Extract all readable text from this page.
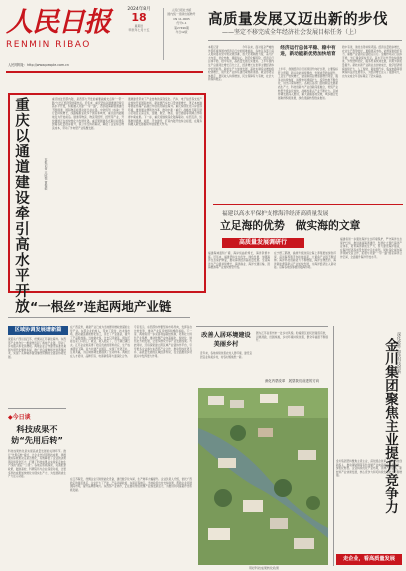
人民日报
RENMIN RIBAO
人民网网址：http://www.people.com.cn
2024年8月
18
星期日
甲辰年七月十五
人民日报社出版
国内统一连续出版物号
CN 11-0065
代号1-1
第27496期
今日12版
高质量发展又迈出新的步伐
——坚定不移完成全年经济社会发展目标任务（上）
本报记者　　　　　　　　　今年以来，面对复杂严峻的外部环境和国内经济运行中的困难挑战，各地区各部门深入贯彻落实党中央决策部署，加大宏观调控力度，着力扩大内需、优化结构、提振信心、防范化解风险，经济运行总体平稳、稳中有进，高质量发展扎实推进。上半年国内生产总值同比增长百分之五，经济增长在世界主要经济体中位居前列。新质生产力加快发展，高技术制造业增加值较快增长，现代化产业体系建设取得新进展。就业形势总体稳定，居民收入持续增加，民生保障有力有效，社会大局保持稳定。
经济运行总体平稳、稳中有进，新动能新优势加快培育
上半年，我国经济运行延续回升向好态势，主要指标符合预期，新兴动能持续释放，发展质量稳步提升。工业生产较快增长，装备制造业增加值增长明显，服务业持续恢复，消费市场规模扩大，投资结构不断优化，进出口保持增长。各地区各部门因地制宜发展新质生产力，科技创新与产业创新深度融合，传统产业转型升级步伐加快，战略性新兴产业不断壮大。区域协调发展深入推进，重大战略落地见效，城乡融合发展取得积极进展，绿色低碳转型稳步推进。
稳中有进，进的态势持续巩固。经济总量稳步增长，农业生产形势较好，夏粮再获丰收。能源保供稳价有力，重要产业链供应链稳定运行。金融市场运行总体平稳，外汇储备保持充足。高水平对外开放持续推进，外贸结构优化，服务贸易快速发展，利用外资质量提升。新技术新产业新业态加快成长，数字经济规模持续扩大，人工智能、新能源汽车、集成电路等领域保持良好发展势头，为经济增长注入了强劲动力，也为完成全年目标奠定了坚实基础。
重庆以通道建设牵引高水平开放	本报记者 王欣悦 黄俊毅
重庆地处西部内陆，是西部大开发的重要战略支点和“一带一路”与长江经济带的联结点。近年来，重庆坚持以通道建设牵引高水平开放，积极融入共建“一带一路”，西部陆海新通道建设不断提速，国际物流枢纽功能日益完善。中欧班列（成渝）开行量持续增长，线路辐射亚欧多个国家和城市，重庆由内陆腹地变为开放前沿。通道带物流、物流带经贸、经贸带产业，开放通道正在加快转化为发展优势。重庆果园港多式联运枢纽集装箱吞吐量稳步提升，铁公水空协同联动，降低了企业综合物流成本，带动了外向型产业集聚发展。
通道建设带来了产业结构的深刻变化。汽车、电子信息等支柱产业加快开拓国际市场，新能源汽车出口量快速增长，笔记本电脑等智能终端产品通过中欧班列销往海外。重庆持续优化口岸营商环境，推进通关便利化改革，推动中新（重庆）战略性互联互通示范项目走深走实，金融、航空、物流、信息通信等领域合作取得丰硕成果。下一步，重庆将继续深化陆海联动、东西互济，统筹推进通道、枢纽、平台建设，打造内陆开放综合枢纽，在服务和融入新发展格局中展现更大作为。
“一根丝”连起两地产业链
区域协调发展谱新篇
蚕茧从广西运到江苏，丝绸从江苏销往海外。东西部产业协作让一根蚕丝连起了两地产业链，带动了乡村振兴和农民增收。两地企业合作建设标准化桑园与现代化缫丝车间，推广优良蚕种和先进养殖技术，实现了从种桑养蚕到缫丝织绸的全链条协同发展。
在广西宜州，桑蚕产业已成为当地群众增收致富的主导产业。东部企业的加入，带来了资金、技术和市场，推动蚕茧就地转化加工，延长了产业链条，提升了产品附加值。当地蚕农说，过去只卖蚕茧，现在还能在家门口的工厂就业，收入稳定了，日子越过越红火。江苏企业则获得了稳定优质的原料供应，生产成本明显下降。双方共建产业园区，实现了优势互补、互利共赢，为区域协调发展提供了生动样本。两地还在人才培训、品牌打造、电商销售等方面深化合作。
专家表示，东西部协作要坚持市场导向，发挥各自比较优势，推动产业有序转移和梯度承接。下一步，两地将进一步完善利益联结机制，培育壮大特色产业集群，推动丝绸产业向高端化、智能化、绿色化方向发展，让更多群众分享产业发展成果。与此同时，还将探索建立跨区域产业链协作平台，引导更多企业参与东西部产业合作，推动形成优势互补、高质量发展的区域经济布局，在全面推进乡村振兴中发挥更大作用。
◆今日谈
科技成果不妨“先用后转”
科技成果转化是实现高质量发展的关键环节。推行“先用后转”模式，让企业先试用科技成果，再根据实际效果决定是否转化，有效降低了企业的决策风险和资金压力，打通了科技成果从实验室走向生产线的“最后一公里”。各地应积极探索，完善配套政策，鼓励高校、科研院所与企业深度对接，让更多科技成果加快转化为现实生产力，为发展新质生产力注入动能。
在江苏海安，丝绸企业引进智能化设备，建设数字化车间，生产效率大幅提升。企业负责人介绍，依托广西稳定的蚕茧供应，企业扩大了产能，产品远销欧美、东南亚等地区。当地政府出台支持政策，帮助企业拓展国际市场，提升品牌影响力。东西部产业协作，正在推动传统丝绸产业焕发新活力，为推进共同富裕作出积极贡献。
福建以高水平保护支撑海洋经济高质量发展
立足海的优势　做实海的文章
高质量发展调研行
福建海域面积广阔，海岸线曲折绵长，海洋资源丰富。近年来，福建坚持生态优先、绿色发展，加强海洋生态保护修复，推动海洋经济高质量发展。全省海洋生产总值持续增长，海洋渔业、海洋交通运输、滨海旅游等产业加快转型升级。
在宁德三都澳，渔排升级改造让海上养殖更加绿色环保，深远海养殖平台拔地而起，大黄鱼产业链不断延伸。海洋科技创新能力不断增强，海洋生物医药、海洋新能源等新兴产业加快发展，为海洋经济注入新动能。沿海各地统筹推进陆海协同。
福建将进一步强化海洋生态环境保护，严守海洋生态保护红线，推进美丽海湾建设，发展壮大现代海洋产业体系，培育海洋新质生产力，努力建设海洋强省，在海洋经济高质量发展中走在前列。同时深化闽台海洋领域交流合作，拓展与共建“一带一路”国家海洋合作空间，全面提升海洋开放水平。
改善人居环境建设美丽乡村
近年来，各地持续改善农村人居环境，建设宜居宜业和美乡村，村容村貌焕然一新。
图为江苏省泰州市一处乡村风貌。粉墙黛瓦的民居错落有致，河道清澈，田园如画，乡村环境持续改善，群众幸福感不断提升。
深化内蒙改革　展望我们前进的方向
深化改革·加快科技创新
金川集团聚焦主业提升竞争力
金川集团坚持聚焦主责主业，深化国企改革，加大科技创新投入，推动镍钴铜等有色金属产业向高端化、智能化、绿色化转型。企业持续优化产业布局，延伸产业链条，新材料产业快速发展，核心竞争力和可持续发展能力不断增强。
走企业，看高质量发展
用好科技成果转化政策
